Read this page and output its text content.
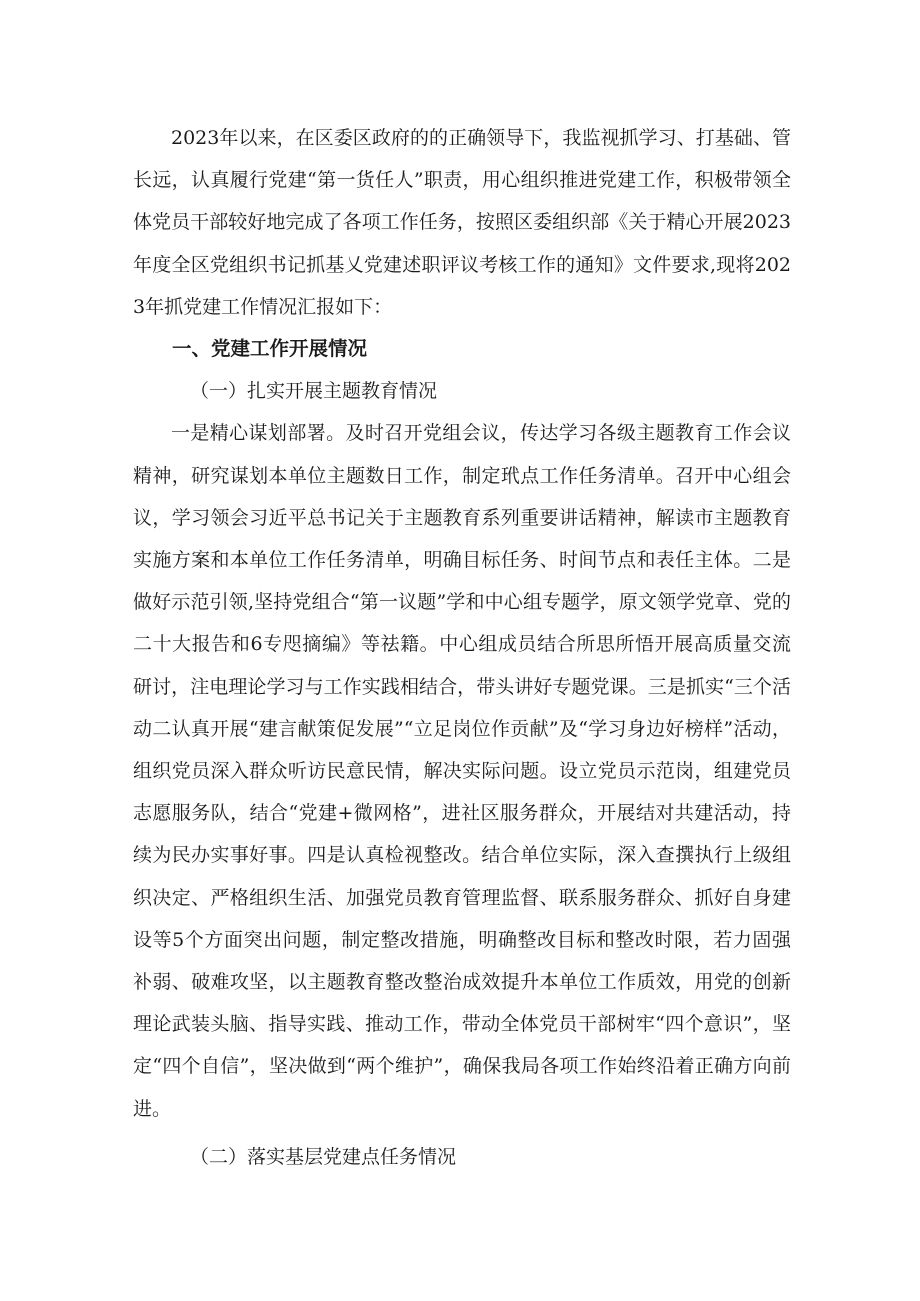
2023年以来，在区委区政府的的正确领导下，我监视抓学习、打基础、管长远，认真履行党建“第一货任人”职责，用心组织推进党建工作，积极带领全体党员干部较好地完成了各项工作任务，按照区委组织部《关于精心开展2023年度全区党组织书记抓基乂党建述职评议考核工作的通知》文件要求,现将2023年抓党建工作情况汇报如下：

一、党建工作开展情况

（一）扎实开展主题教育情况

一是精心谋划部署。及时召开党组会议，传达学习各级主题教育工作会议精神，研究谋划本单位主题数日工作，制定玳点工作任务清单。召开中心组会议，学习领会习近平总书记关于主题教育系列重要讲话精神，解读市主题教育实施方案和本单位工作任务清单，明确目标任务、时间节点和表任主体。二是做好示范引领,坚持党组合“第一议题”学和中心组专题学，原文领学党章、党的二十大报告和6专咫摘编》等祛籍。中心组成员结合所思所悟开展高质量交流研讨，注电理论学习与工作实践相结合，带头讲好专题党课。三是抓实“三个活动二认真开展“建言献策促发展”“立足岗位作贡献”及“学习身边好榜样”活动，组织党员深入群众听访民意民情，解决实际问题。设立党员示范岗，组建党员志愿服务队，结合“党建+微网格”，进社区服务群众，开展结对共建活动，持续为民办实事好事。四是认真检视整改。结合单位实际，深入查撰执行上级组织决定、严格组织生活、加强党员教育管理监督、联系服务群众、抓好自身建设等5个方面突出问题，制定整改措施，明确整改目标和整改时限，若力固强补弱、破难攻坚，以主题教育整改整治成效提升本单位工作质效，用党的创新理论武装头脑、指导实践、推动工作，带动全体党员干部树牢“四个意识”，坚定“四个自信”，坚决做到“两个维护”，确保我局各项工作始终沿着正确方向前进。

（二）落实基层党建点任务情况
